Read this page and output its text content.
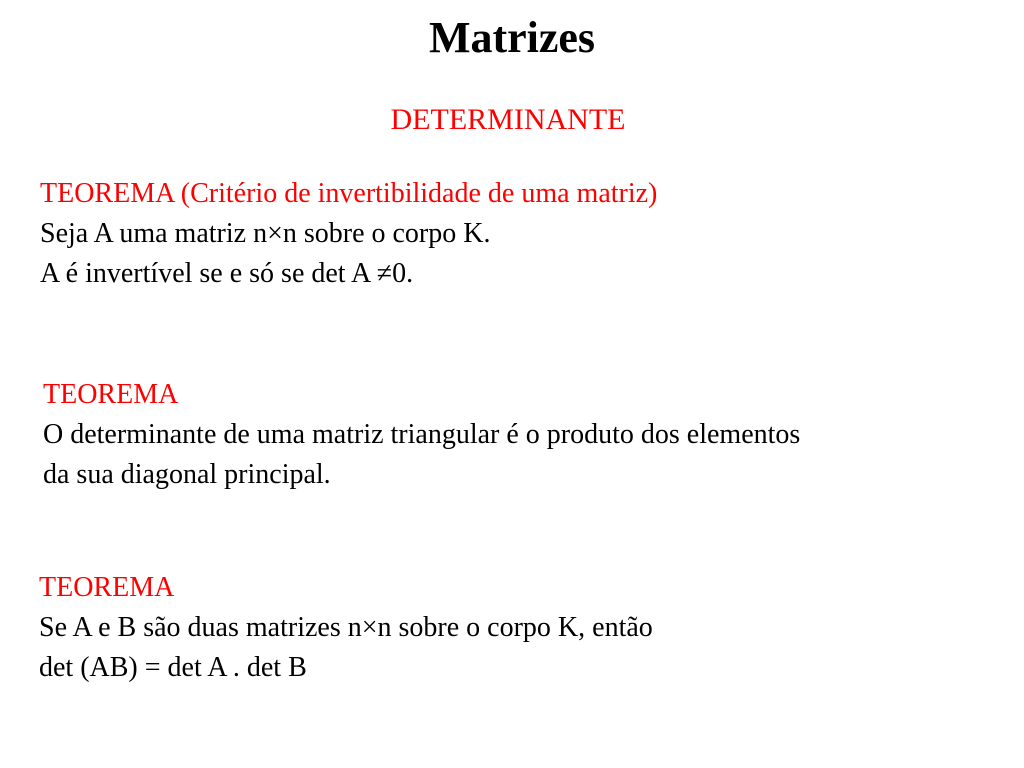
Matrizes
DETERMINANTE
TEOREMA (Critério de invertibilidade de uma matriz)
Seja A uma matriz n×n sobre o corpo K.
A é invertível se e só se det A ≠0.
TEOREMA
O determinante de uma matriz triangular é o produto dos elementos
da sua diagonal principal.
TEOREMA
Se A e B são duas matrizes n×n sobre o corpo K, então
det (AB) = det A . det B
